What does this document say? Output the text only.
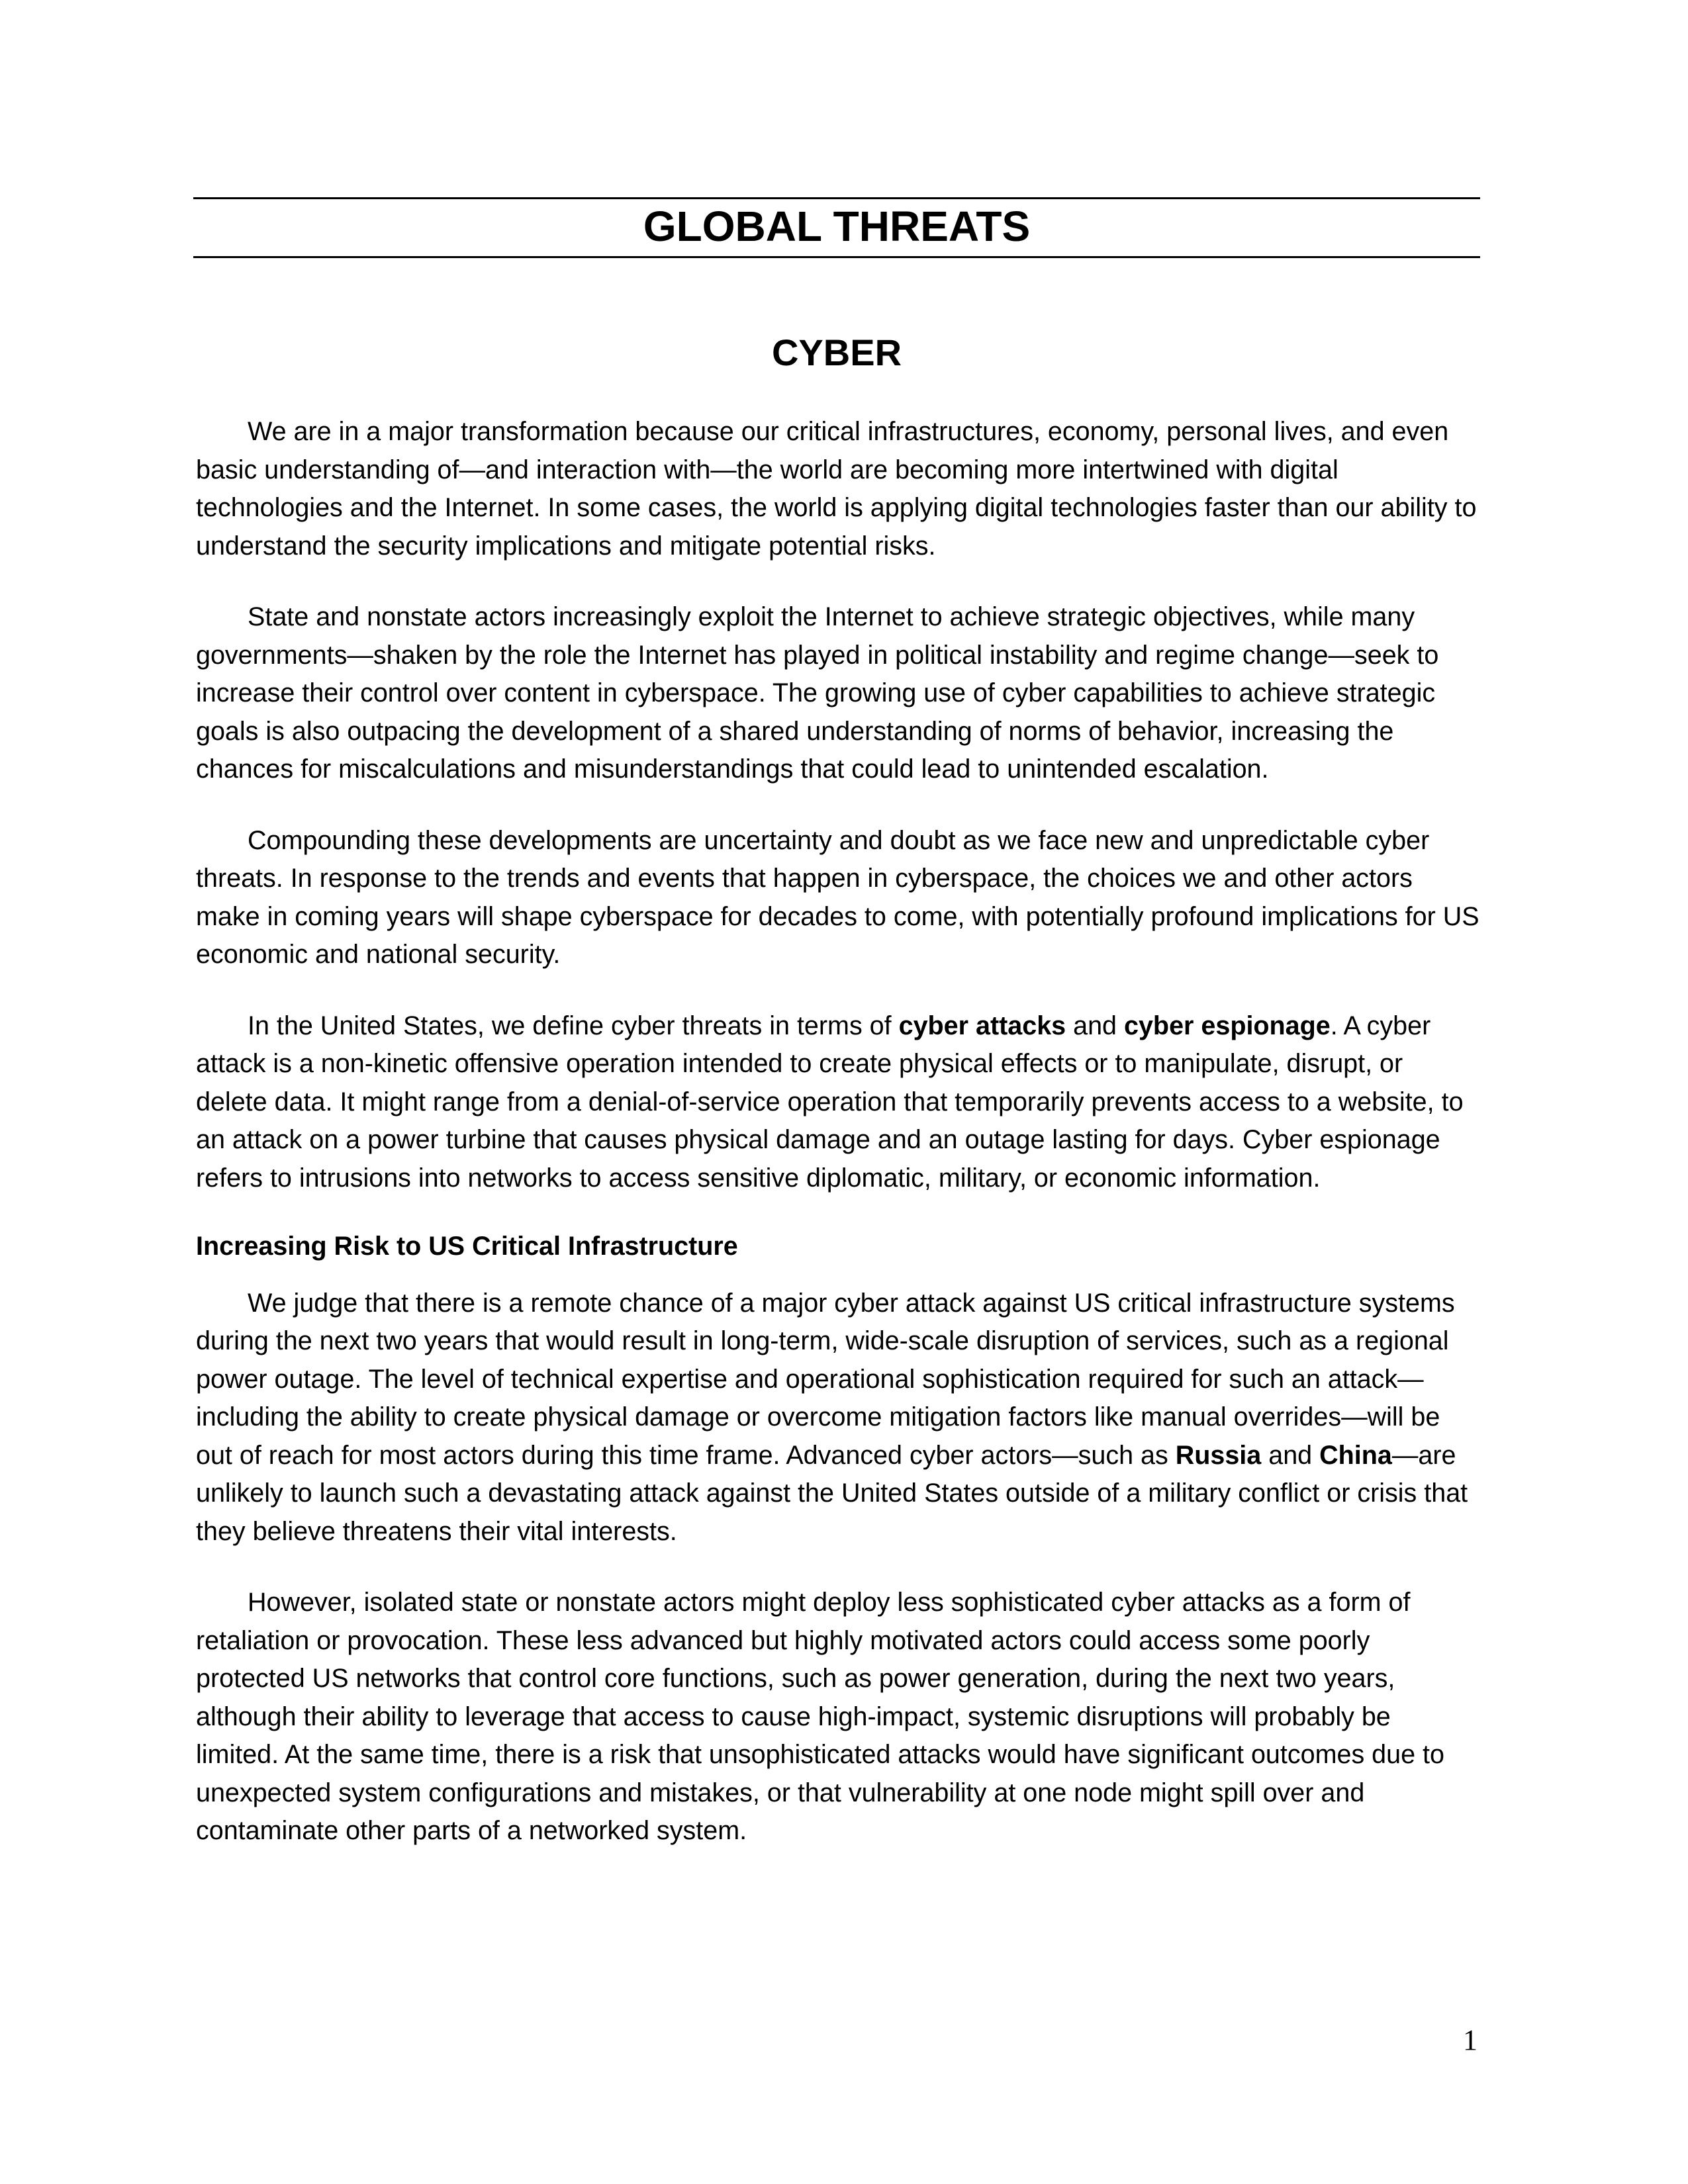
GLOBAL THREATS
CYBER

We are in a major transformation because our critical infrastructures, economy, personal lives, and even basic understanding of—and interaction with—the world are becoming more intertwined with digital technologies and the Internet. In some cases, the world is applying digital technologies faster than our ability to understand the security implications and mitigate potential risks.

State and nonstate actors increasingly exploit the Internet to achieve strategic objectives, while many governments—shaken by the role the Internet has played in political instability and regime change—seek to increase their control over content in cyberspace. The growing use of cyber capabilities to achieve strategic goals is also outpacing the development of a shared understanding of norms of behavior, increasing the chances for miscalculations and misunderstandings that could lead to unintended escalation.

Compounding these developments are uncertainty and doubt as we face new and unpredictable cyber threats. In response to the trends and events that happen in cyberspace, the choices we and other actors make in coming years will shape cyberspace for decades to come, with potentially profound implications for US economic and national security.

In the United States, we define cyber threats in terms of cyber attacks and cyber espionage. A cyber attack is a non-kinetic offensive operation intended to create physical effects or to manipulate, disrupt, or delete data. It might range from a denial-of-service operation that temporarily prevents access to a website, to an attack on a power turbine that causes physical damage and an outage lasting for days. Cyber espionage refers to intrusions into networks to access sensitive diplomatic, military, or economic information.

Increasing Risk to US Critical Infrastructure

We judge that there is a remote chance of a major cyber attack against US critical infrastructure systems during the next two years that would result in long-term, wide-scale disruption of services, such as a regional power outage. The level of technical expertise and operational sophistication required for such an attack—including the ability to create physical damage or overcome mitigation factors like manual overrides—will be out of reach for most actors during this time frame. Advanced cyber actors—such as Russia and China—are unlikely to launch such a devastating attack against the United States outside of a military conflict or crisis that they believe threatens their vital interests.

However, isolated state or nonstate actors might deploy less sophisticated cyber attacks as a form of retaliation or provocation. These less advanced but highly motivated actors could access some poorly protected US networks that control core functions, such as power generation, during the next two years, although their ability to leverage that access to cause high-impact, systemic disruptions will probably be limited. At the same time, there is a risk that unsophisticated attacks would have significant outcomes due to unexpected system configurations and mistakes, or that vulnerability at one node might spill over and contaminate other parts of a networked system.

1
